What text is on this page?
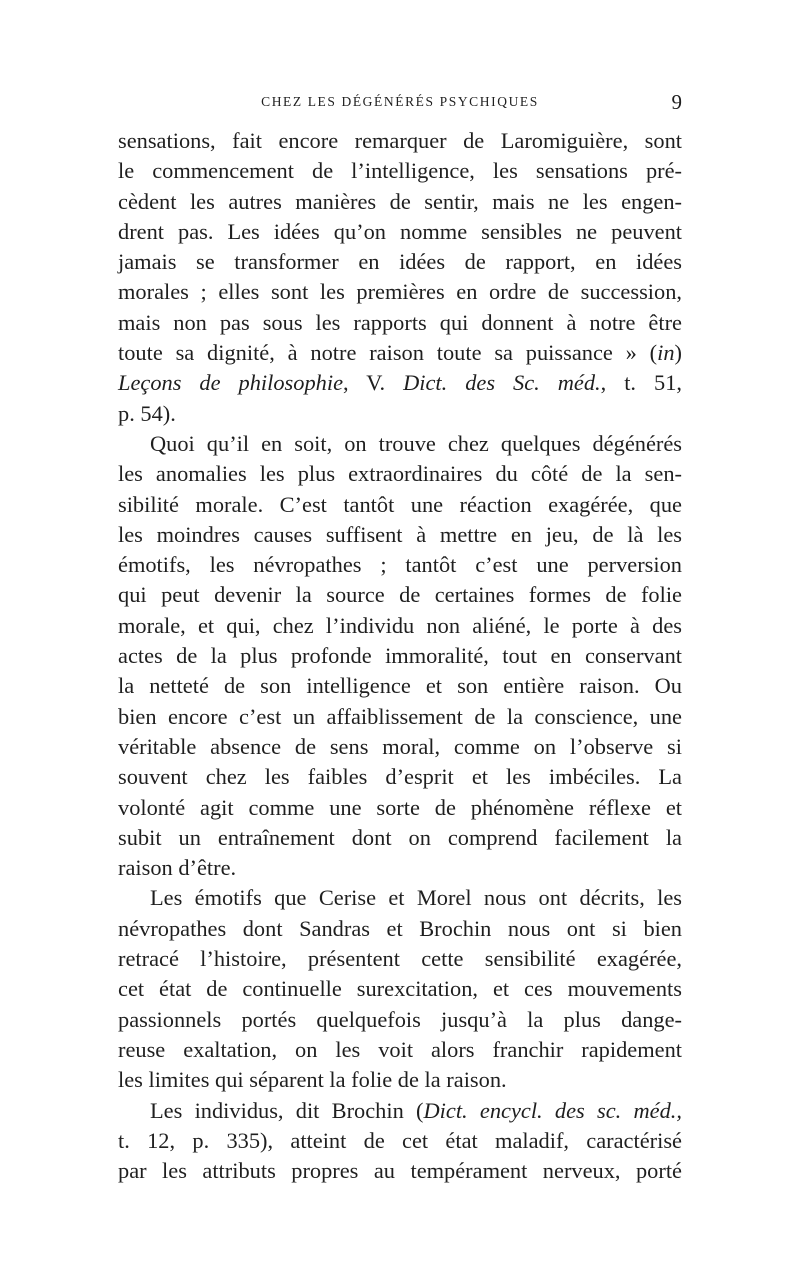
CHEZ LES DÉGÉNÉRÉS PSYCHIQUES	9

sensations, fait encore remarquer de Laromiguière, sont

le commencement de l’intelligence, les sensations pré-

cèdent les autres manières de sentir, mais ne les engen-

drent pas. Les idées qu’on nomme sensibles ne peuvent

jamais se transformer en idées de rapport, en idées

morales ; elles sont les premières en ordre de succession,

mais non pas sous les rapports qui donnent à notre être

toute sa dignité, à notre raison toute sa puissance » (in)

Leçons de philosophie, V. Dict. des Sc. méd., t. 51,

p. 54).

Quoi qu’il en soit, on trouve chez quelques dégénérés

les anomalies les plus extraordinaires du côté de la sen-

sibilité morale. C’est tantôt une réaction exagérée, que

les moindres causes suffisent à mettre en jeu, de là les

émotifs, les névropathes ; tantôt c’est une perversion

qui peut devenir la source de certaines formes de folie

morale, et qui, chez l’individu non aliéné, le porte à des

actes de la plus profonde immoralité, tout en conservant

la netteté de son intelligence et son entière raison. Ou

bien encore c’est un affaiblissement de la conscience, une

véritable absence de sens moral, comme on l’observe si

souvent chez les faibles d’esprit et les imbéciles. La

volonté agit comme une sorte de phénomène réflexe et

subit un entraînement dont on comprend facilement la

raison d’être.

Les émotifs que Cerise et Morel nous ont décrits, les

névropathes dont Sandras et Brochin nous ont si bien

retracé l’histoire, présentent cette sensibilité exagérée,

cet état de continuelle surexcitation, et ces mouvements

passionnels portés quelquefois jusqu’à la plus dange-

reuse exaltation, on les voit alors franchir rapidement

les limites qui séparent la folie de la raison.

Les individus, dit Brochin (Dict. encycl. des sc. méd.,

t. 12, p. 335), atteint de cet état maladif, caractérisé

par les attributs propres au tempérament nerveux, porté
